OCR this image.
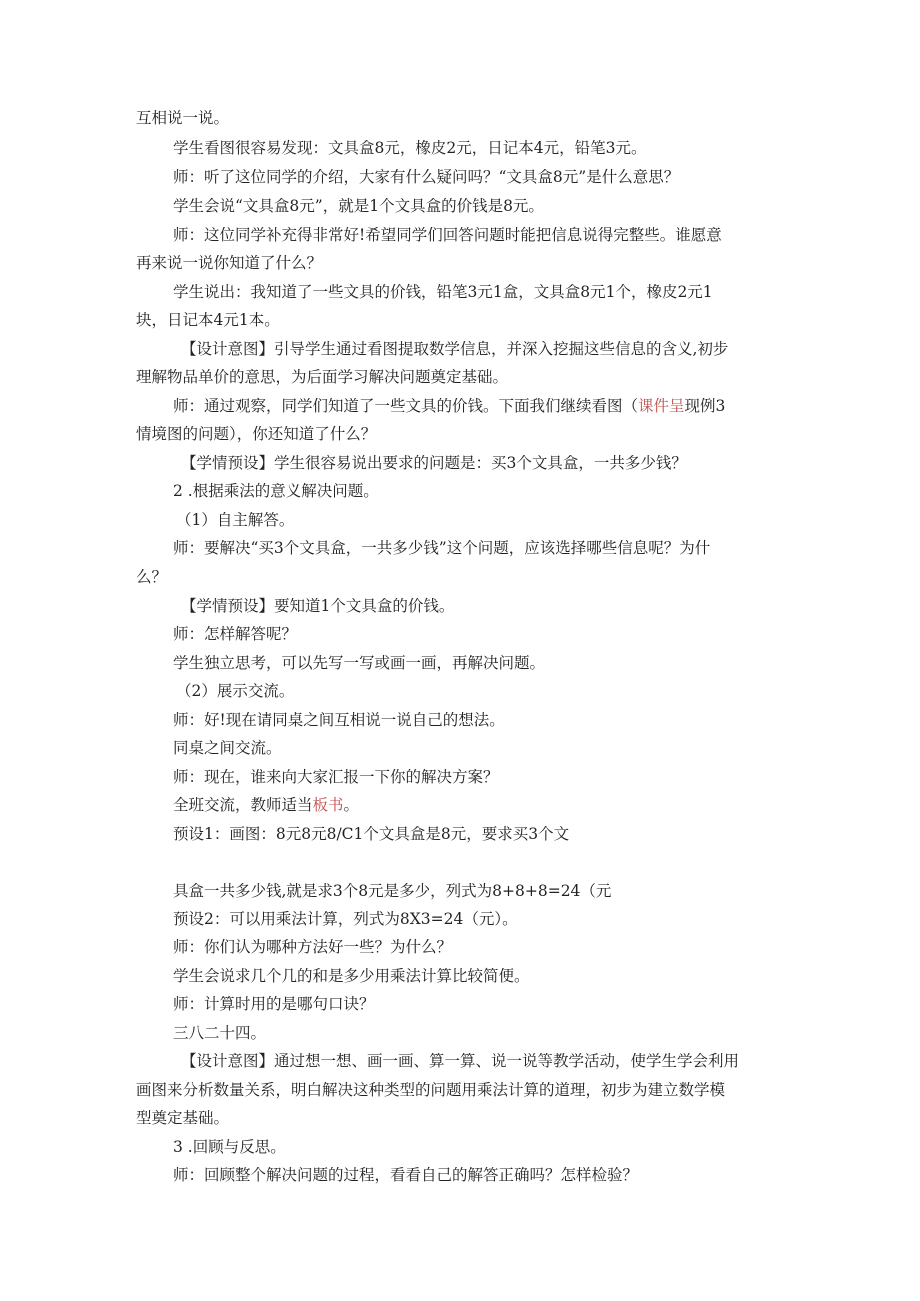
互相说一说。
学生看图很容易发现：文具盒8元，橡皮2元，日记本4元，铅笔3元。
师：听了这位同学的介绍，大家有什么疑问吗？“文具盒8元”是什么意思？
学生会说“文具盒8元”，就是1个文具盒的价钱是8元。
师：这位同学补充得非常好!希望同学们回答问题时能把信息说得完整些。谁愿意
再来说一说你知道了什么？
学生说出：我知道了一些文具的价钱，铅笔3元1盒，文具盒8元1个，橡皮2元1
块，日记本4元1本。
【设计意图】引导学生通过看图提取数学信息，并深入挖掘这些信息的含义,初步
理解物品单价的意思，为后面学习解决问题奠定基础。
师：通过观察，同学们知道了一些文具的价钱。下面我们继续看图（课件呈现例3
情境图的问题），你还知道了什么？
【学情预设】学生很容易说出要求的问题是：买3个文具盒，一共多少钱？
2 .根据乘法的意义解决问题。
（1）自主解答。
师：要解决“买3个文具盒，一共多少钱”这个问题，应该选择哪些信息呢？为什
么？
【学情预设】要知道1个文具盒的价钱。
师：怎样解答呢？
学生独立思考，可以先写一写或画一画，再解决问题。
（2）展示交流。
师：好!现在请同桌之间互相说一说自己的想法。
同桌之间交流。
师：现在，谁来向大家汇报一下你的解决方案？
全班交流，教师适当板书。
预设1：画图：8元8元8/C1个文具盒是8元，要求买3个文
具盒一共多少钱,就是求3个8元是多少，列式为8+8+8=24（元
预设2：可以用乘法计算，列式为8X3=24（元）。
师：你们认为哪种方法好一些？为什么？
学生会说求几个几的和是多少用乘法计算比较简便。
师：计算时用的是哪句口诀？
三八二十四。
【设计意图】通过想一想、画一画、算一算、说一说等教学活动，使学生学会利用
画图来分析数量关系，明白解决这种类型的问题用乘法计算的道理，初步为建立数学模
型奠定基础。
3 .回顾与反思。
师：回顾整个解决问题的过程，看看自己的解答正确吗？怎样检验？
